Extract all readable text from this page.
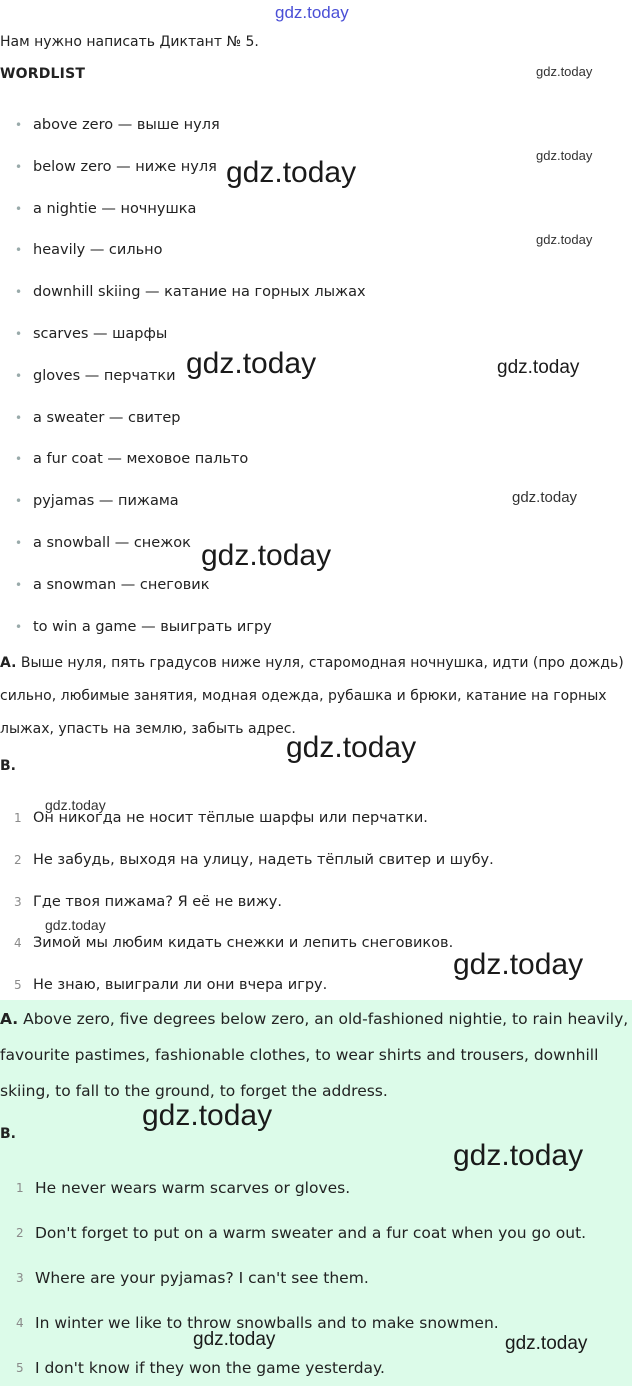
Нам нужно написать Диктант № 5.
WORDLIST
• above zero — выше нуля
• below zero — ниже нуля
• a nightie — ночнушка
• heavily — сильно
• downhill skiing — катание на горных лыжах
• scarves — шарфы
• gloves — перчатки
• a sweater — свитер
• a fur coat — меховое пальто
• pyjamas — пижама
• a snowball — снежок
• a snowman — снеговик
• to win a game — выиграть игру
A. Выше нуля, пять градусов ниже нуля, старомодная ночнушка, идти (про дождь) сильно, любимые занятия, модная одежда, рубашка и брюки, катание на горных лыжах, упасть на землю, забыть адрес.
B.
1 Он никогда не носит тёплые шарфы или перчатки.
2 Не забудь, выходя на улицу, надеть тёплый свитер и шубу.
3 Где твоя пижама? Я её не вижу.
4 Зимой мы любим кидать снежки и лепить снеговиков.
5 Не знаю, выиграли ли они вчера игру.
A. Above zero, five degrees below zero, an old-fashioned nightie, to rain heavily, favourite pastimes, fashionable clothes, to wear shirts and trousers, downhill skiing, to fall to the ground, to forget the address.
B.
1 He never wears warm scarves or gloves.
2 Don't forget to put on a warm sweater and a fur coat when you go out.
3 Where are your pyjamas? I can't see them.
4 In winter we like to throw snowballs and to make snowmen.
5 I don't know if they won the game yesterday.
gdz.today
gdz.today
gdz.today
gdz.today
gdz.today
gdz.today	gdz.today
gdz.today
gdz.today
gdz.today
gdz.today
gdz.today
gdz.today
gdz.today
gdz.today
gdz.today	gdz.today
